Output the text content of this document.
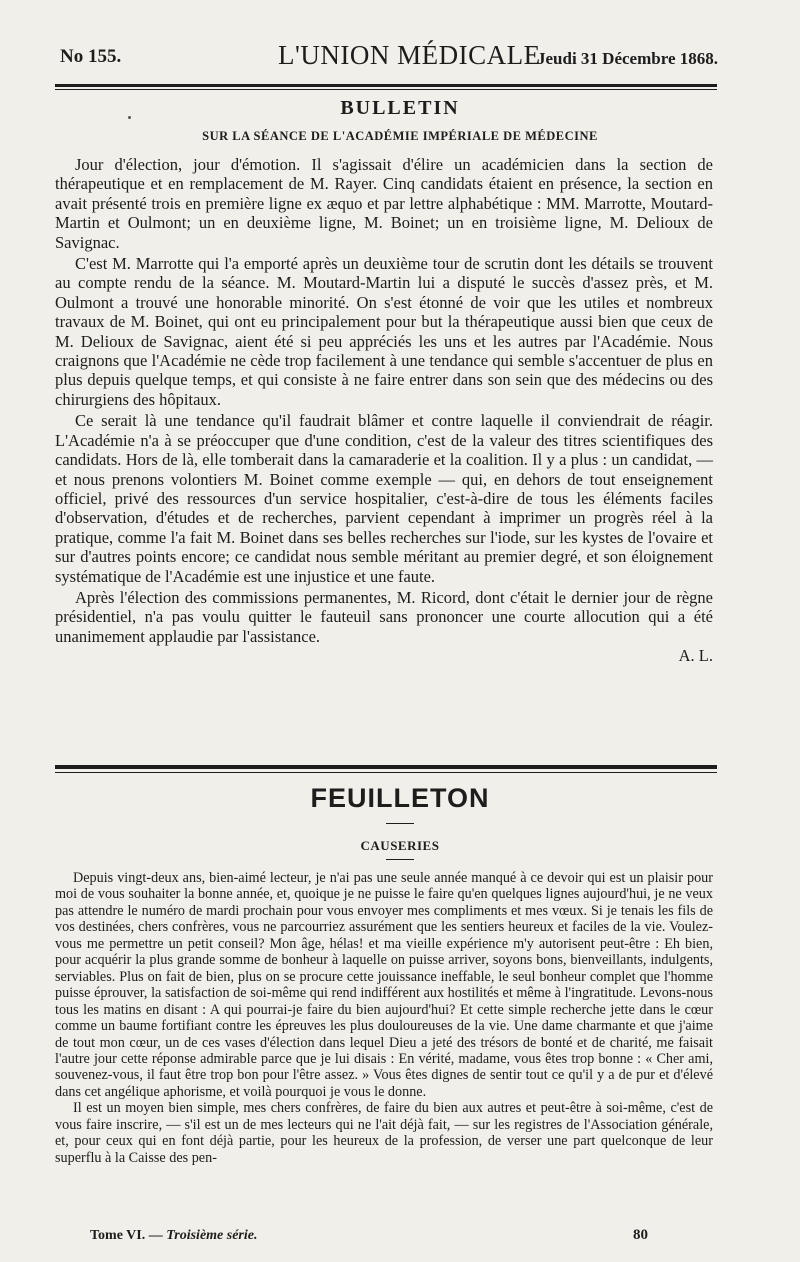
No 155.	L'UNION MÉDICALE
Jeudi 31 Décembre 1868.
BULLETIN
SUR LA SÉANCE DE L'ACADÉMIE IMPÉRIALE DE MÉDECINE

Jour d'élection, jour d'émotion. Il s'agissait d'élire un académicien dans la section de thérapeutique et en remplacement de M. Rayer. Cinq candidats étaient en présence, la section en avait présenté trois en première ligne ex æquo et par lettre alphabétique : MM. Marrotte, Moutard-Martin et Oulmont; un en deuxième ligne, M. Boinet; un en troisième ligne, M. Delioux de Savignac.

C'est M. Marrotte qui l'a emporté après un deuxième tour de scrutin dont les détails se trouvent au compte rendu de la séance. M. Moutard-Martin lui a disputé le succès d'assez près, et M. Oulmont a trouvé une honorable minorité. On s'est étonné de voir que les utiles et nombreux travaux de M. Boinet, qui ont eu principalement pour but la thérapeutique aussi bien que ceux de M. Delioux de Savignac, aient été si peu appréciés les uns et les autres par l'Académie. Nous craignons que l'Académie ne cède trop facilement à une tendance qui semble s'accentuer de plus en plus depuis quelque temps, et qui consiste à ne faire entrer dans son sein que des médecins ou des chirurgiens des hôpitaux.

Ce serait là une tendance qu'il faudrait blâmer et contre laquelle il conviendrait de réagir. L'Académie n'a à se préoccuper que d'une condition, c'est de la valeur des titres scientifiques des candidats. Hors de là, elle tomberait dans la camaraderie et la coalition. Il y a plus : un candidat, — et nous prenons volontiers M. Boinet comme exemple — qui, en dehors de tout enseignement officiel, privé des ressources d'un service hospitalier, c'est-à-dire de tous les éléments faciles d'observation, d'études et de recherches, parvient cependant à imprimer un progrès réel à la pratique, comme l'a fait M. Boinet dans ses belles recherches sur l'iode, sur les kystes de l'ovaire et sur d'autres points encore; ce candidat nous semble méritant au premier degré, et son éloignement systématique de l'Académie est une injustice et une faute.

Après l'élection des commissions permanentes, M. Ricord, dont c'était le dernier jour de règne présidentiel, n'a pas voulu quitter le fauteuil sans prononcer une courte allocution qui a été unanimement applaudie par l'assistance.

A. L.
FEUILLETON
CAUSERIES

Depuis vingt-deux ans, bien-aimé lecteur, je n'ai pas une seule année manqué à ce devoir qui est un plaisir pour moi de vous souhaiter la bonne année, et, quoique je ne puisse le faire qu'en quelques lignes aujourd'hui, je ne veux pas attendre le numéro de mardi prochain pour vous envoyer mes compliments et mes vœux. Si je tenais les fils de vos destinées, chers confrères, vous ne parcourriez assurément que les sentiers heureux et faciles de la vie. Voulez-vous me permettre un petit conseil? Mon âge, hélas! et ma vieille expérience m'y autorisent peut-être : Eh bien, pour acquérir la plus grande somme de bonheur à laquelle on puisse arriver, soyons bons, bienveillants, indulgents, serviables. Plus on fait de bien, plus on se procure cette jouissance ineffable, le seul bonheur complet que l'homme puisse éprouver, la satisfaction de soi-même qui rend indifférent aux hostilités et même à l'ingratitude. Levons-nous tous les matins en disant : A qui pourrai-je faire du bien aujourd'hui? Et cette simple recherche jette dans le cœur comme un baume fortifiant contre les épreuves les plus douloureuses de la vie. Une dame charmante et que j'aime de tout mon cœur, un de ces vases d'élection dans lequel Dieu a jeté des trésors de bonté et de charité, me faisait l'autre jour cette réponse admirable parce que je lui disais : En vérité, madame, vous êtes trop bonne : « Cher ami, souvenez-vous, il faut être trop bon pour l'être assez. » Vous êtes dignes de sentir tout ce qu'il y a de pur et d'élevé dans cet angélique aphorisme, et voilà pourquoi je vous le donne.

Il est un moyen bien simple, mes chers confrères, de faire du bien aux autres et peut-être à soi-même, c'est de vous faire inscrire, — s'il est un de mes lecteurs qui ne l'ait déjà fait, — sur les registres de l'Association générale, et, pour ceux qui en font déjà partie, pour les heureux de la profession, de verser une part quelconque de leur superflu à la Caisse des pen-

Tome VI. — Troisième série.	80
